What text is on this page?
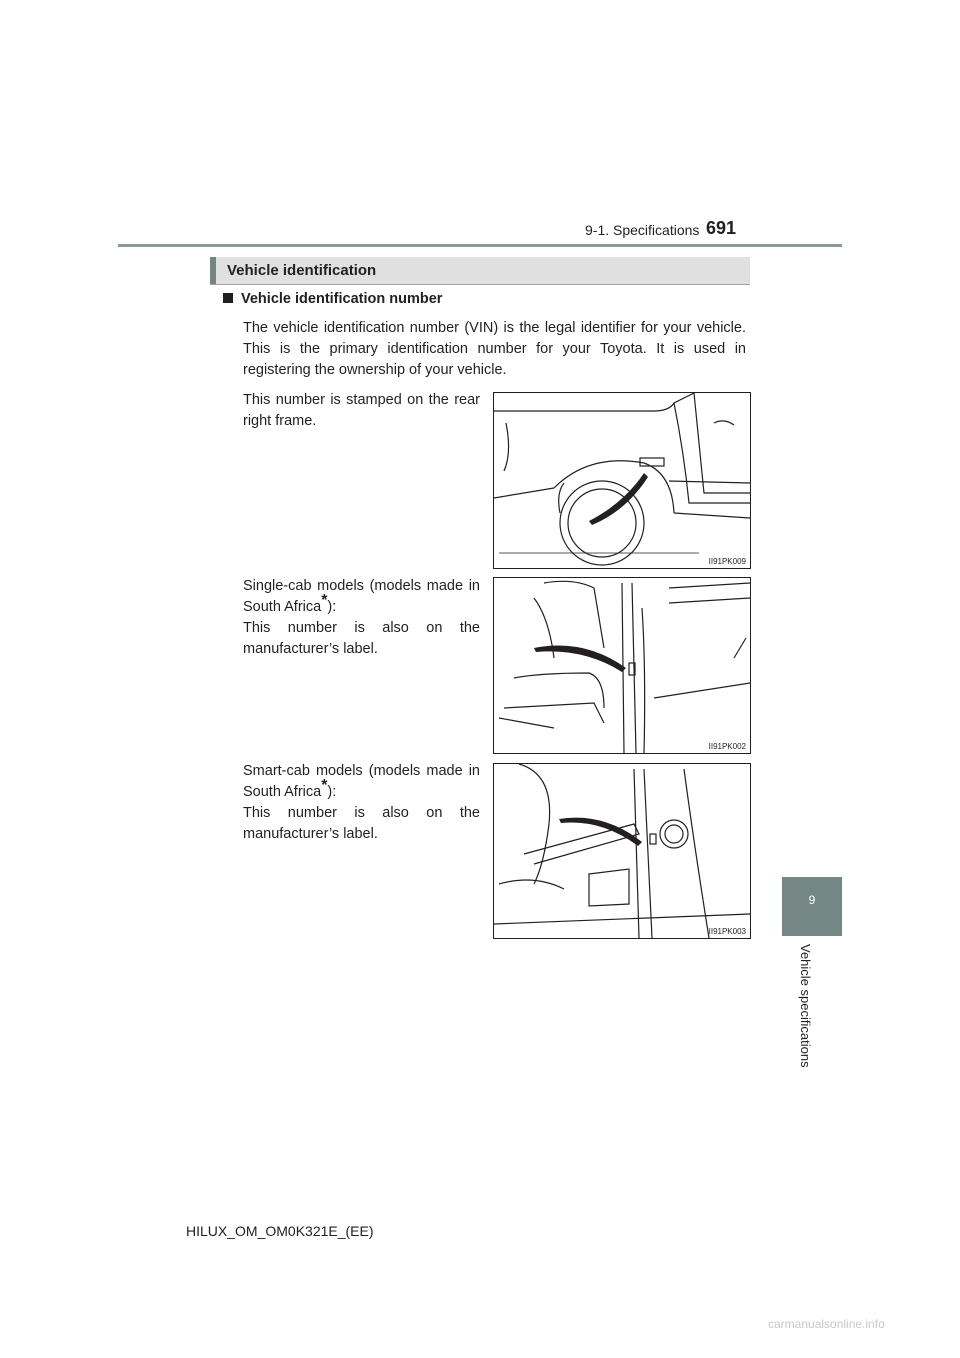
9-1. Specifications 691
9
Vehicle specifications
Vehicle identification
Vehicle identification number
The vehicle identification number (VIN) is the legal identifier for your vehicle. This is the primary identification number for your Toyota. It is used in registering the ownership of your vehicle.
This number is stamped on the rear right frame.
II91PK009
Single-cab models (models made in South Africa*):
This number is also on the manufacturer’s label.
II91PK002
Smart-cab models (models made in South Africa*):
This number is also on the manufacturer’s label.
II91PK003
HILUX_OM_OM0K321E_(EE)
carmanualsonline.info
